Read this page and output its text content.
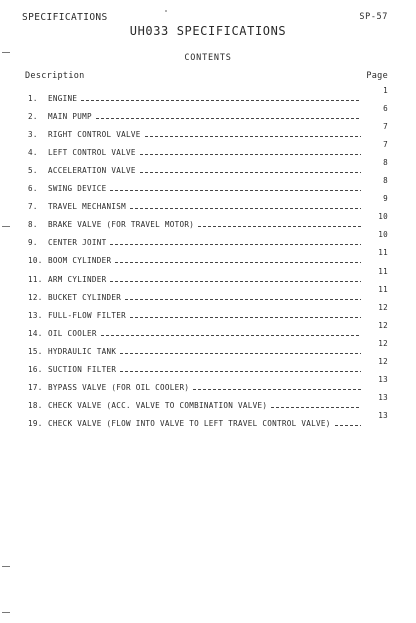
SPECIFICATIONS	SP-57
UH033 SPECIFICATIONS
CONTENTS
Description	Page
1. ENGINE
1
2. MAIN PUMP
6
3. RIGHT CONTROL VALVE
7
4. LEFT CONTROL VALVE
7
5. ACCELERATION VALVE
8
6. SWING DEVICE
8
7. TRAVEL MECHANISM
9
8. BRAKE VALVE (FOR TRAVEL MOTOR)
10
9. CENTER JOINT
10
10. BOOM CYLINDER
11
11. ARM CYLINDER
11
12. BUCKET CYLINDER
11
13. FULL-FLOW FILTER
12
14. OIL COOLER
12
15. HYDRAULIC TANK
12
16. SUCTION FILTER
12
17. BYPASS VALVE (FOR OIL COOLER)
13
18. CHECK VALVE (ACC. VALVE TO COMBINATION VALVE)
13
19. CHECK VALVE (FLOW INTO VALVE TO LEFT TRAVEL CONTROL VALVE)
13
